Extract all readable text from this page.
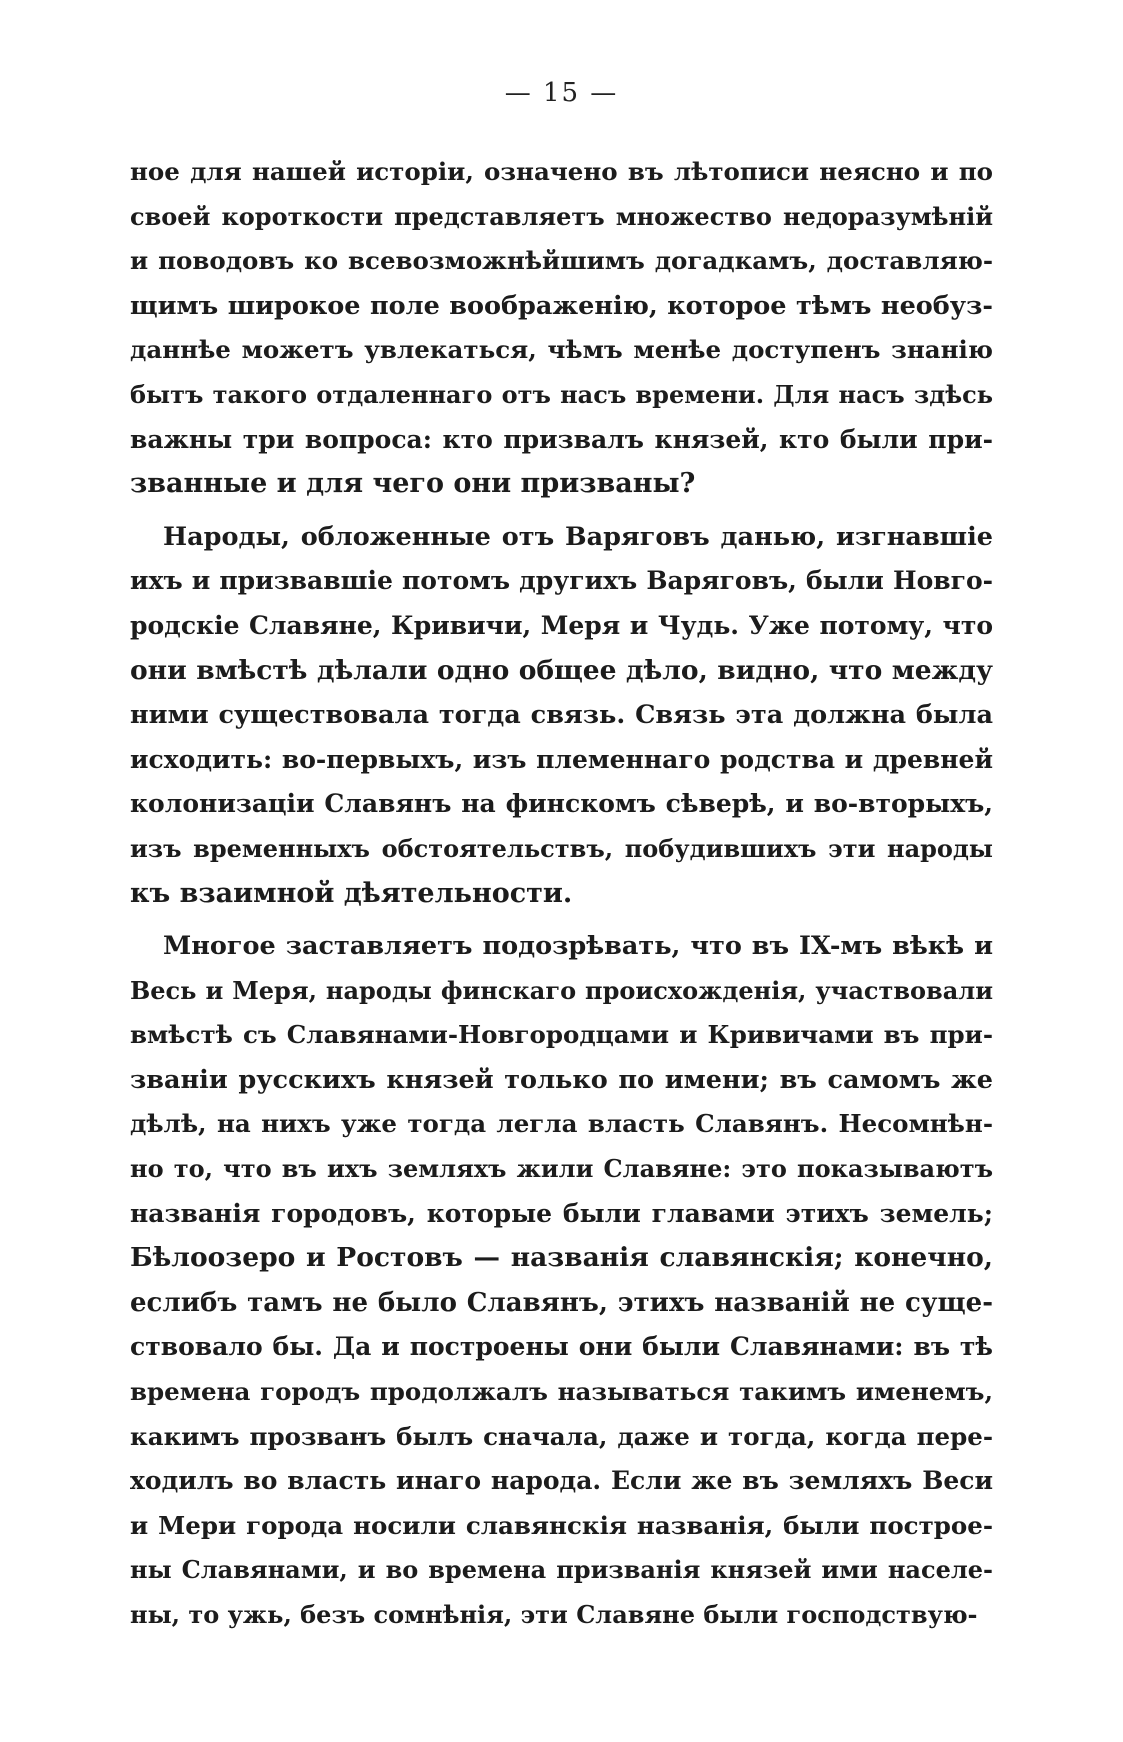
— 15 —
ное для нашей исторіи, означено въ лѣтописи неясно и по
своей короткости представляетъ множество недоразумѣній
и поводовъ ко всевозможнѣйшимъ догадкамъ, доставляю-
щимъ широкое поле воображенію, которое тѣмъ необуз-
даннѣе можетъ увлекаться, чѣмъ менѣе доступенъ знанію
бытъ такого отдаленнаго отъ насъ времени. Для насъ здѣсь
важны три вопроса: кто призвалъ князей, кто были при-
званные и для чего они призваны?
Народы, обложенные отъ Варяговъ данью, изгнавшіе
ихъ и призвавшіе потомъ другихъ Варяговъ, были Новго-
родскіе Славяне, Кривичи, Меря и Чудь. Уже потому, что
они вмѣстѣ дѣлали одно общее дѣло, видно, что между
ними существовала тогда связь. Связь эта должна была
исходить: во-первыхъ, изъ племеннаго родства и древней
колонизаціи Славянъ на финскомъ сѣверѣ, и во-вторыхъ,
изъ временныхъ обстоятельствъ, побудившихъ эти народы
къ взаимной дѣятельности.
Многое заставляетъ подозрѣвать, что въ IX-мъ вѣкѣ и
Весь и Меря, народы финскаго происхожденія, участвовали
вмѣстѣ съ Славянами-Новгородцами и Кривичами въ при-
званіи русскихъ князей только по имени; въ самомъ же
дѣлѣ, на нихъ уже тогда легла власть Славянъ. Несомнѣн-
но то, что въ ихъ земляхъ жили Славяне: это показываютъ
названія городовъ, которые были главами этихъ земель;
Бѣлоозеро и Ростовъ — названія славянскія; конечно,
еслибъ тамъ не было Славянъ, этихъ названій не суще-
ствовало бы. Да и построены они были Славянами: въ тѣ
времена городъ продолжалъ называться такимъ именемъ,
какимъ прозванъ былъ сначала, даже и тогда, когда пере-
ходилъ во власть инаго народа. Если же въ земляхъ Веси
и Мери города носили славянскія названія, были построе-
ны Славянами, и во времена призванія князей ими населе-
ны, то ужь, безъ сомнѣнія, эти Славяне были господствую-
